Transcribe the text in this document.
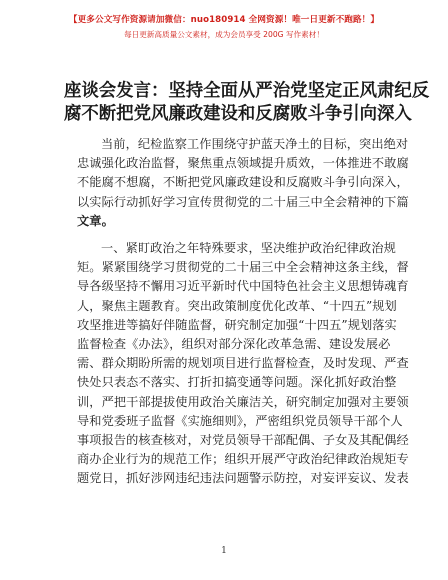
【更多公文写作资源请加微信：nuo180914 全网资源！唯一日更新不跑路！】
每日更新高质量公文素材，成为会员享受 200G 写作素材！
座谈会发言：坚持全面从严治党坚定正风肃纪反
腐不断把党风廉政建设和反腐败斗争引向深入
当前，纪检监察工作围绕守护蓝天净土的目标，突出绝对
忠诚强化政治监督，聚焦重点领域提升质效，一体推进不敢腐
不能腐不想腐，不断把党风廉政建设和反腐败斗争引向深入，
以实际行动抓好学习宣传贯彻党的二十届三中全会精神的下篇
文章。
一、紧盯政治之年特殊要求，坚决维护政治纪律政治规
矩。紧紧围绕学习贯彻党的二十届三中全会精神这条主线，督
导各级坚持不懈用习近平新时代中国特色社会主义思想铸魂育
人，聚焦主题教育。突出政策制度优化改革、“十四五”规划
攻坚推进等搞好伴随监督，研究制定加强“十四五”规划落实
监督检查《办法》，组织对部分深化改革急需、建设发展必
需、群众期盼所需的规划项目进行监督检查，及时发现、严查
快处只表态不落实、打折扣搞变通等问题。深化抓好政治整
训，严把干部提拔使用政治关廉洁关，研究制定加强对主要领
导和党委班子监督《实施细则》，严密组织党员领导干部个人
事项报告的核查核对，对党员领导干部配偶、子女及其配偶经
商办企业行为的规范工作；组织开展严守政治纪律政治规矩专
题党日，抓好涉网违纪违法问题警示防控，对妄评妄议、发表
1
